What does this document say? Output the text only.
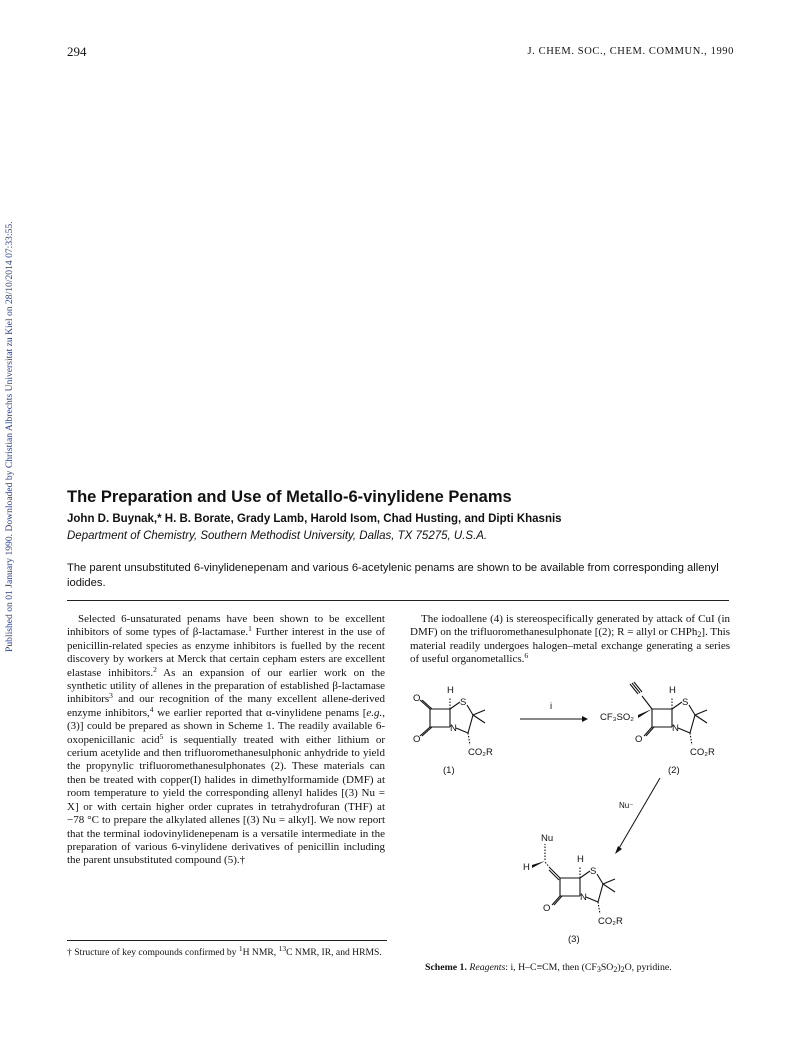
Published on 01 January 1990. Downloaded by Christian Albrechts Universitat zu Kiel on 28/10/2014 07:33:55.
294	J. CHEM. SOC., CHEM. COMMUN., 1990
The Preparation and Use of Metallo-6-vinylidene Penams
John D. Buynak,* H. B. Borate, Grady Lamb, Harold Isom, Chad Husting, and Dipti Khasnis
Department of Chemistry, Southern Methodist University, Dallas, TX 75275, U.S.A.
The parent unsubstituted 6-vinylidenepenam and various 6-acetylenic penams are shown to be available from corresponding allenyl iodides.

Selected 6-unsaturated penams have been shown to be excellent inhibitors of some types of β-lactamase.$^1$ Further interest in the use of penicillin-related species as enzyme inhibitors is fuelled by the recent discovery by workers at Merck that certain cepham esters are excellent elastase inhibitors.$^2$ As an expansion of our earlier work on the synthetic utility of allenes in the preparation of established β-lactamase inhibitors$^3$ and our recognition of the many excellent allene-derived enzyme inhibitors,$^4$ we earlier reported that α-vinylidene penams [e.g., (3)] could be prepared as shown in Scheme 1. The readily available 6-oxopenicillanic acid$^5$ is sequentially treated with either lithium or cerium acetylide and then trifluoromethanesulphonic anhydride to yield the propynylic trifluoromethanesulphonates (2). These materials can then be treated with copper(I) halides in dimethylformamide (DMF) at room temperature to yield the corresponding allenyl halides [(3) Nu = X] or with certain higher order cuprates in tetrahydrofuran (THF) at −78 °C to prepare the alkylated allenes [(3) Nu = alkyl]. We now report that the terminal iodovinylidenepenam is a versatile intermediate in the preparation of various 6-vinylidene derivatives of penicillin including the parent unsubstituted compound (5).†

The iodoallene (4) is stereospecifically generated by attack of CuI (in DMF) on the trifluoromethanesulphonate [(2); R = allyl or CHPh$_2$]. This material readily undergoes halogen–metal exchange generating a series of useful organometallics.$^6$

† Structure of key compounds confirmed by $^1$H NMR, $^{13}$C NMR, IR, and HRMS.
H
S
N
O
O
CO₂R
(1)
i
CF₃SO₂
H
S
N
O
CO₂R
(2)
Nu⁻
Nu
H
H
S
N
O
CO₂R
(3)
Scheme 1. Reagents: i, H–C≡CM, then $(CF_3SO_2)_2O$, pyridine.
